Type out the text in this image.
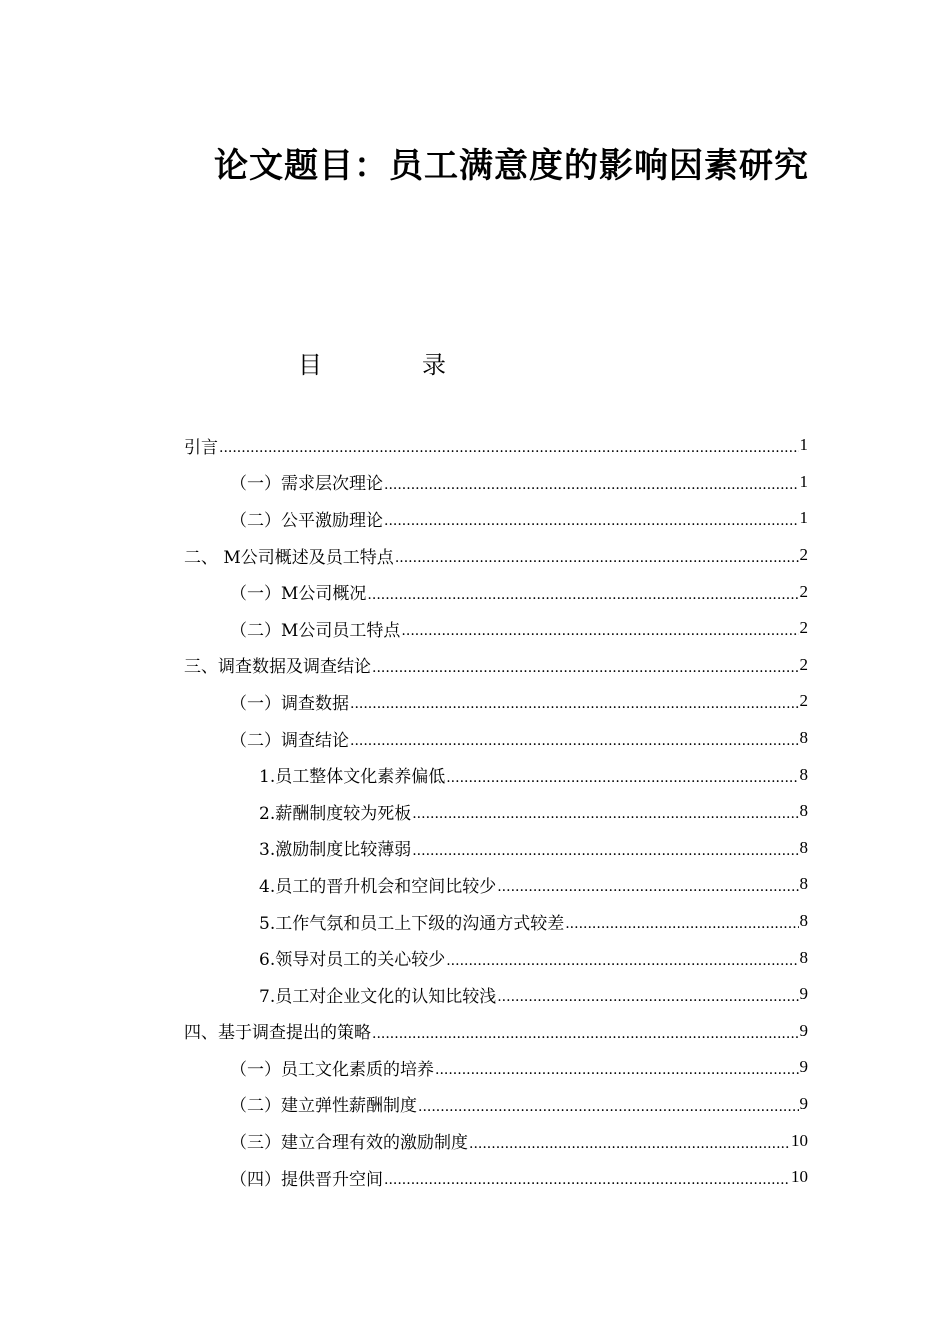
论文题目：员工满意度的影响因素研究
目	录
引言 .....	1
（一）需求层次理论 .....	1
（二）公平激励理论 .....	1
二、 M公司概述及员工特点 .....	2
（一）M公司概况 .....	2
（二）M公司员工特点 .....	2
三、调查数据及调查结论 .....	2
（一）调查数据 .....	2
（二）调查结论 .....	8
1.员工整体文化素养偏低 .....	8
2.薪酬制度较为死板 .....	8
3.激励制度比较薄弱 .....	8
4.员工的晋升机会和空间比较少 .....	8
5.工作气氛和员工上下级的沟通方式较差 .....	8
6.领导对员工的关心较少 .....	8
7.员工对企业文化的认知比较浅 .....	9
四、基于调查提出的策略 .....	9
（一）员工文化素质的培养 .....	9
（二）建立弹性薪酬制度 .....	9
（三）建立合理有效的激励制度 .....	10
（四）提供晋升空间 .....	10
